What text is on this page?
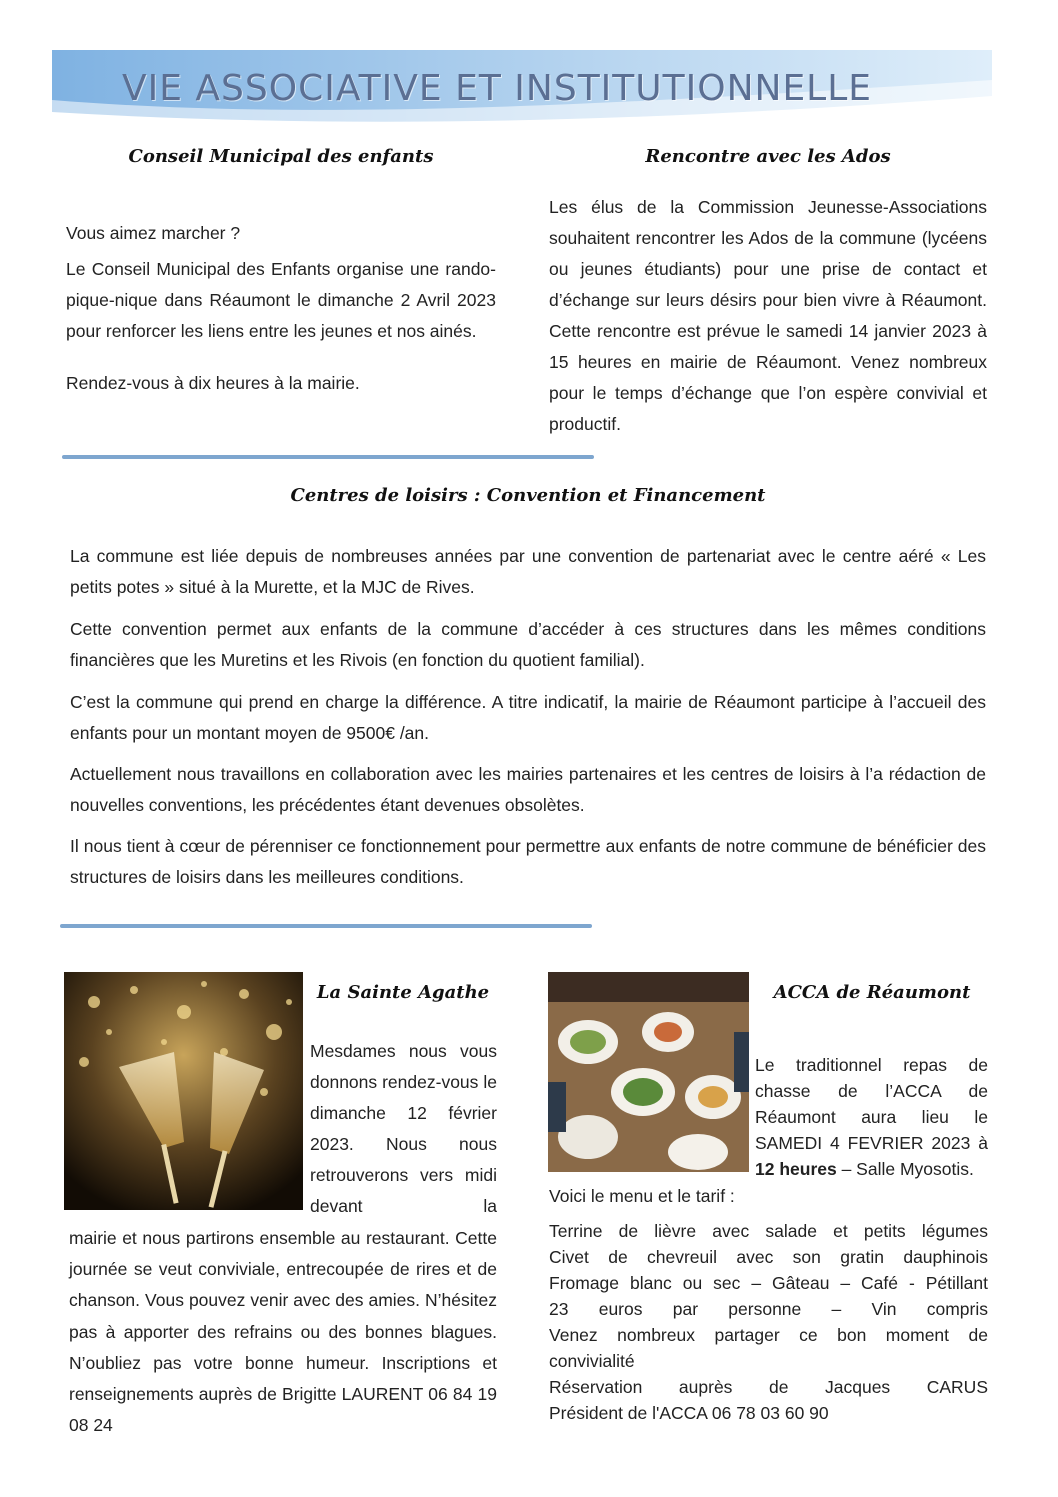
VIE ASSOCIATIVE ET INSTITUTIONNELLE
Conseil Municipal des enfants

Vous aimez marcher ?

Le Conseil Municipal des Enfants organise une rando-pique-nique dans Réaumont le dimanche 2 Avril 2023 pour renforcer les liens entre les jeunes et nos ainés.

Rendez-vous à dix heures à la mairie.

Rencontre avec les Ados

Les élus de la Commission Jeunesse-Associations souhaitent rencontrer les Ados de la commune (lycéens ou jeunes étudiants) pour une prise de contact et d’échange sur leurs désirs pour bien vivre à Réaumont. Cette rencontre est prévue le samedi 14 janvier 2023 à 15 heures en mairie de Réaumont. Venez nombreux pour le temps d’échange que l’on espère convivial et productif.

Centres de loisirs : Convention et Financement

La commune est liée depuis de nombreuses années par une convention de partenariat avec le centre aéré « Les petits potes » situé à la Murette, et la MJC de Rives.

Cette convention permet aux enfants de la commune d’accéder à ces structures dans les mêmes conditions financières que les Muretins et les Rivois (en fonction du quotient familial).

C’est la commune qui prend en charge la différence. A titre indicatif, la mairie de Réaumont participe à l’accueil des enfants pour un montant moyen de 9500€ /an.

Actuellement nous travaillons en collaboration avec les mairies partenaires et les centres de loisirs à l’a rédaction de nouvelles conventions, les précédentes étant devenues obsolètes.

Il nous tient à cœur de pérenniser ce fonctionnement pour permettre aux enfants de notre commune de bénéficier des structures de loisirs dans les meilleures conditions.

La Sainte Agathe

Mesdames nous vous donnons rendez-vous le dimanche 12 février 2023. Nous nous retrouverons vers midi devant la

mairie et nous partirons ensemble au restaurant. Cette journée se veut conviviale, entrecoupée de rires et de chanson. Vous pouvez venir avec des amies. N’hésitez pas à apporter des refrains ou des bonnes blagues. N’oubliez pas votre bonne humeur. Inscriptions et renseignements auprès de Brigitte LAURENT 06 84 19 08 24

ACCA de Réaumont

Le traditionnel repas de chasse de l’ACCA de Réaumont aura lieu le SAMEDI 4 FEVRIER 2023 à 12 heures – Salle Myosotis.

Voici le menu et le tarif :

Terrine de lièvre avec salade et petits légumes
Civet de chevreuil avec son gratin dauphinois
Fromage blanc ou sec – Gâteau – Café - Pétillant
23 euros par personne – Vin compris
Venez nombreux partager ce bon moment de convivialité
Réservation auprès de Jacques CARUS
Président de l'ACCA 06 78 03 60 90
